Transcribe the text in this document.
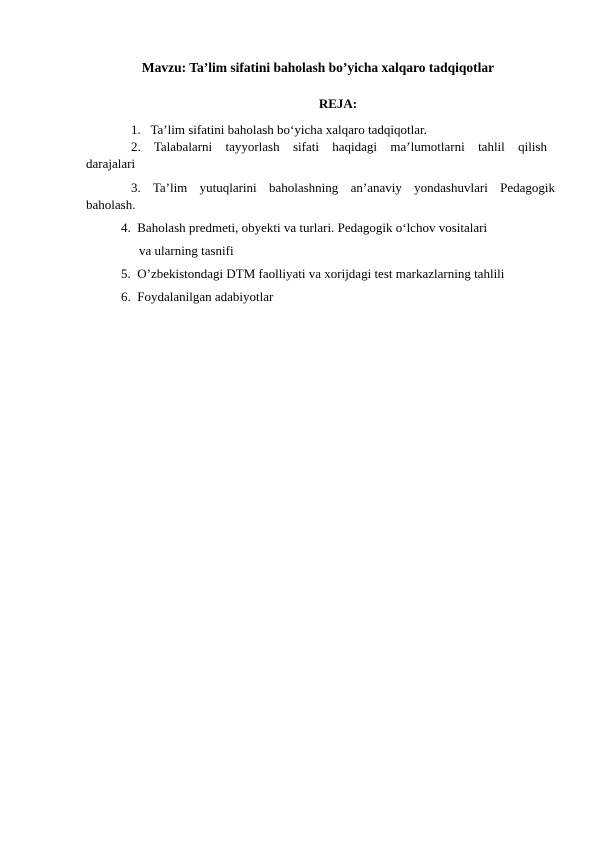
Mavzu: Ta’lim sifatini baholash bo’yicha xalqaro tadqiqotlar
REJA:
1. Ta’lim sifatini baholash bo‘yicha xalqaro tadqiqotlar.
2. Talabalarni tayyorlash sifati haqidagi ma’lumotlarni tahlil qilish
darajalari
3. Ta’lim yutuqlarini baholashning an’anaviy yondashuvlari Pedagogik
baholash.
4. Baholash predmeti, obyekti va turlari. Pedagogik o‘lchov vositalari
va ularning tasnifi
5. O’zbekistondagi DTM faolliyati va xorijdagi test markazlarning tahlili
6. Foydalanilgan adabiyotlar
